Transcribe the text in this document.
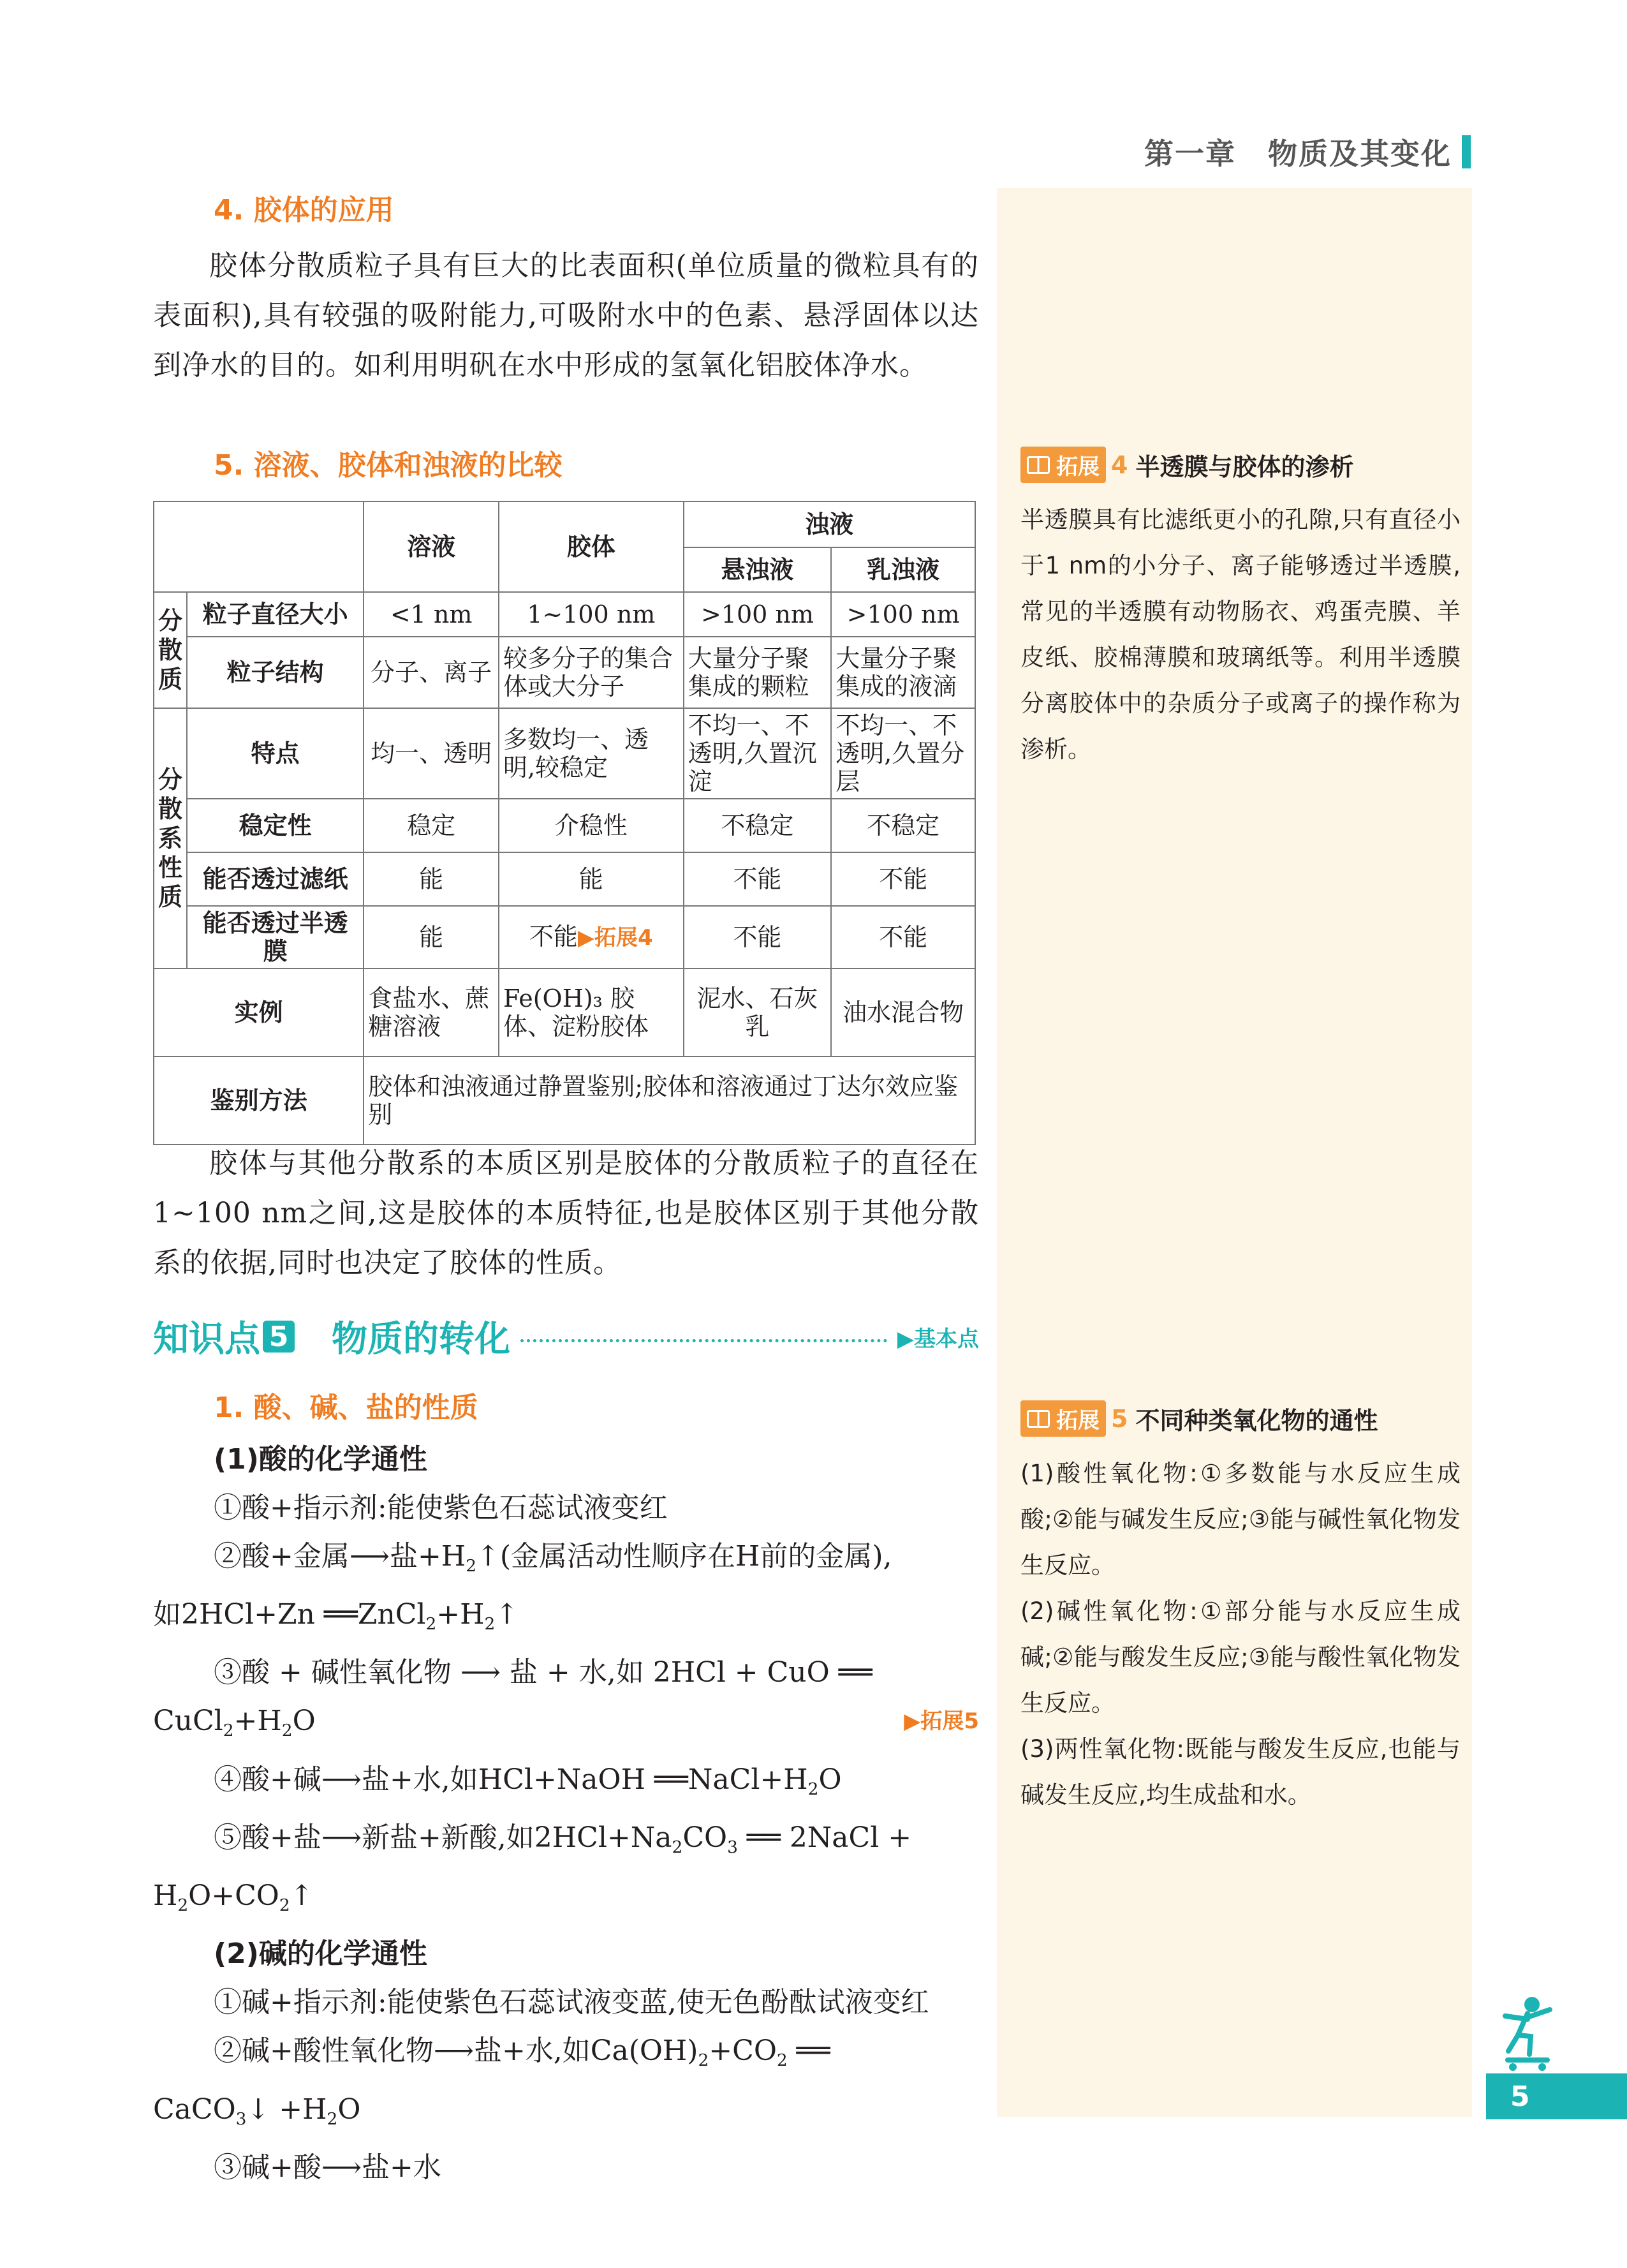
第一章 物质及其变化
4. 胶体的应用
胶体分散质粒子具有巨大的比表面积(单位质量的微粒具有的表面积),具有较强的吸附能力,可吸附水中的色素、悬浮固体以达到净水的目的。如利用明矾在水中形成的氢氧化铝胶体净水。
5. 溶液、胶体和浊液的比较
		溶液	胶体	浊液	
				悬浊液	乳浊液

分
散
质	粒子直径大小	<1 nm	1~100 nm	>100 nm	>100 nm
	粒子结构	分子、离子	较多分子的集合体或大分子	大量分子聚集成的颗粒	大量分子聚集成的液滴

分
散
系
性
质	特点	均一、透明	多数均一、透明,较稳定	不均一、不透明,久置沉淀	不均一、不透明,久置分层
	稳定性	稳定	介稳性	不稳定	不稳定
	能否透过滤纸	能	能	不能	不能
	能否透过半透膜	能	不能▶拓展4	不能	不能
实例		食盐水、蔗糖溶液	Fe(OH)₃ 胶体、淀粉胶体	泥水、石灰乳	油水混合物
鉴别方法		胶体和浊液通过静置鉴别;胶体和溶液通过丁达尔效应鉴别			
胶体与其他分散系的本质区别是胶体的分散质粒子的直径在1~100 nm之间,这是胶体的本质特征,也是胶体区别于其他分散系的依据,同时也决定了胶体的性质。
知识点 5 物质的转化	▶基本点
1. 酸、碱、盐的性质
(1)酸的化学通性
①酸+指示剂:能使紫色石蕊试液变红
②酸+金属⟶盐$+H_2↑$(金属活动性顺序在H前的金属),
如2HCl+Zn $══ZnCl_2+H_2↑$
③酸 + 碱性氧化物 ⟶ 盐 + 水,如 2HCl + CuO ══
$CuCl_2+H_2O$	▶拓展5
④酸+碱⟶盐+水,如HCl+NaOH $══NaCl+H_2O$
⑤酸+盐⟶新盐+新酸,如$2HCl+Na_2CO_3$ ══ 2NaCl +
$H_2O+CO_2↑$
(2)碱的化学通性
①碱+指示剂:能使紫色石蕊试液变蓝,使无色酚酞试液变红
②碱+酸性氧化物⟶盐+水,如$Ca(OH)_2+CO_2$ ══
CaCO$_3$↓ $+H_2O$
③碱+酸⟶盐+水
拓展 4 半透膜与胶体的渗析
半透膜具有比滤纸更小的孔隙,只有直径小于1 nm的小分子、离子能够透过半透膜,常见的半透膜有动物肠衣、鸡蛋壳膜、羊皮纸、胶棉薄膜和玻璃纸等。利用半透膜分离胶体中的杂质分子或离子的操作称为渗析。
拓展 5 不同种类氧化物的通性
(1)酸性氧化物:①多数能与水反应生成酸;②能与碱发生反应;③能与碱性氧化物发生反应。
(2)碱性氧化物:①部分能与水反应生成碱;②能与酸发生反应;③能与酸性氧化物发生反应。
(3)两性氧化物:既能与酸发生反应,也能与碱发生反应,均生成盐和水。
5
